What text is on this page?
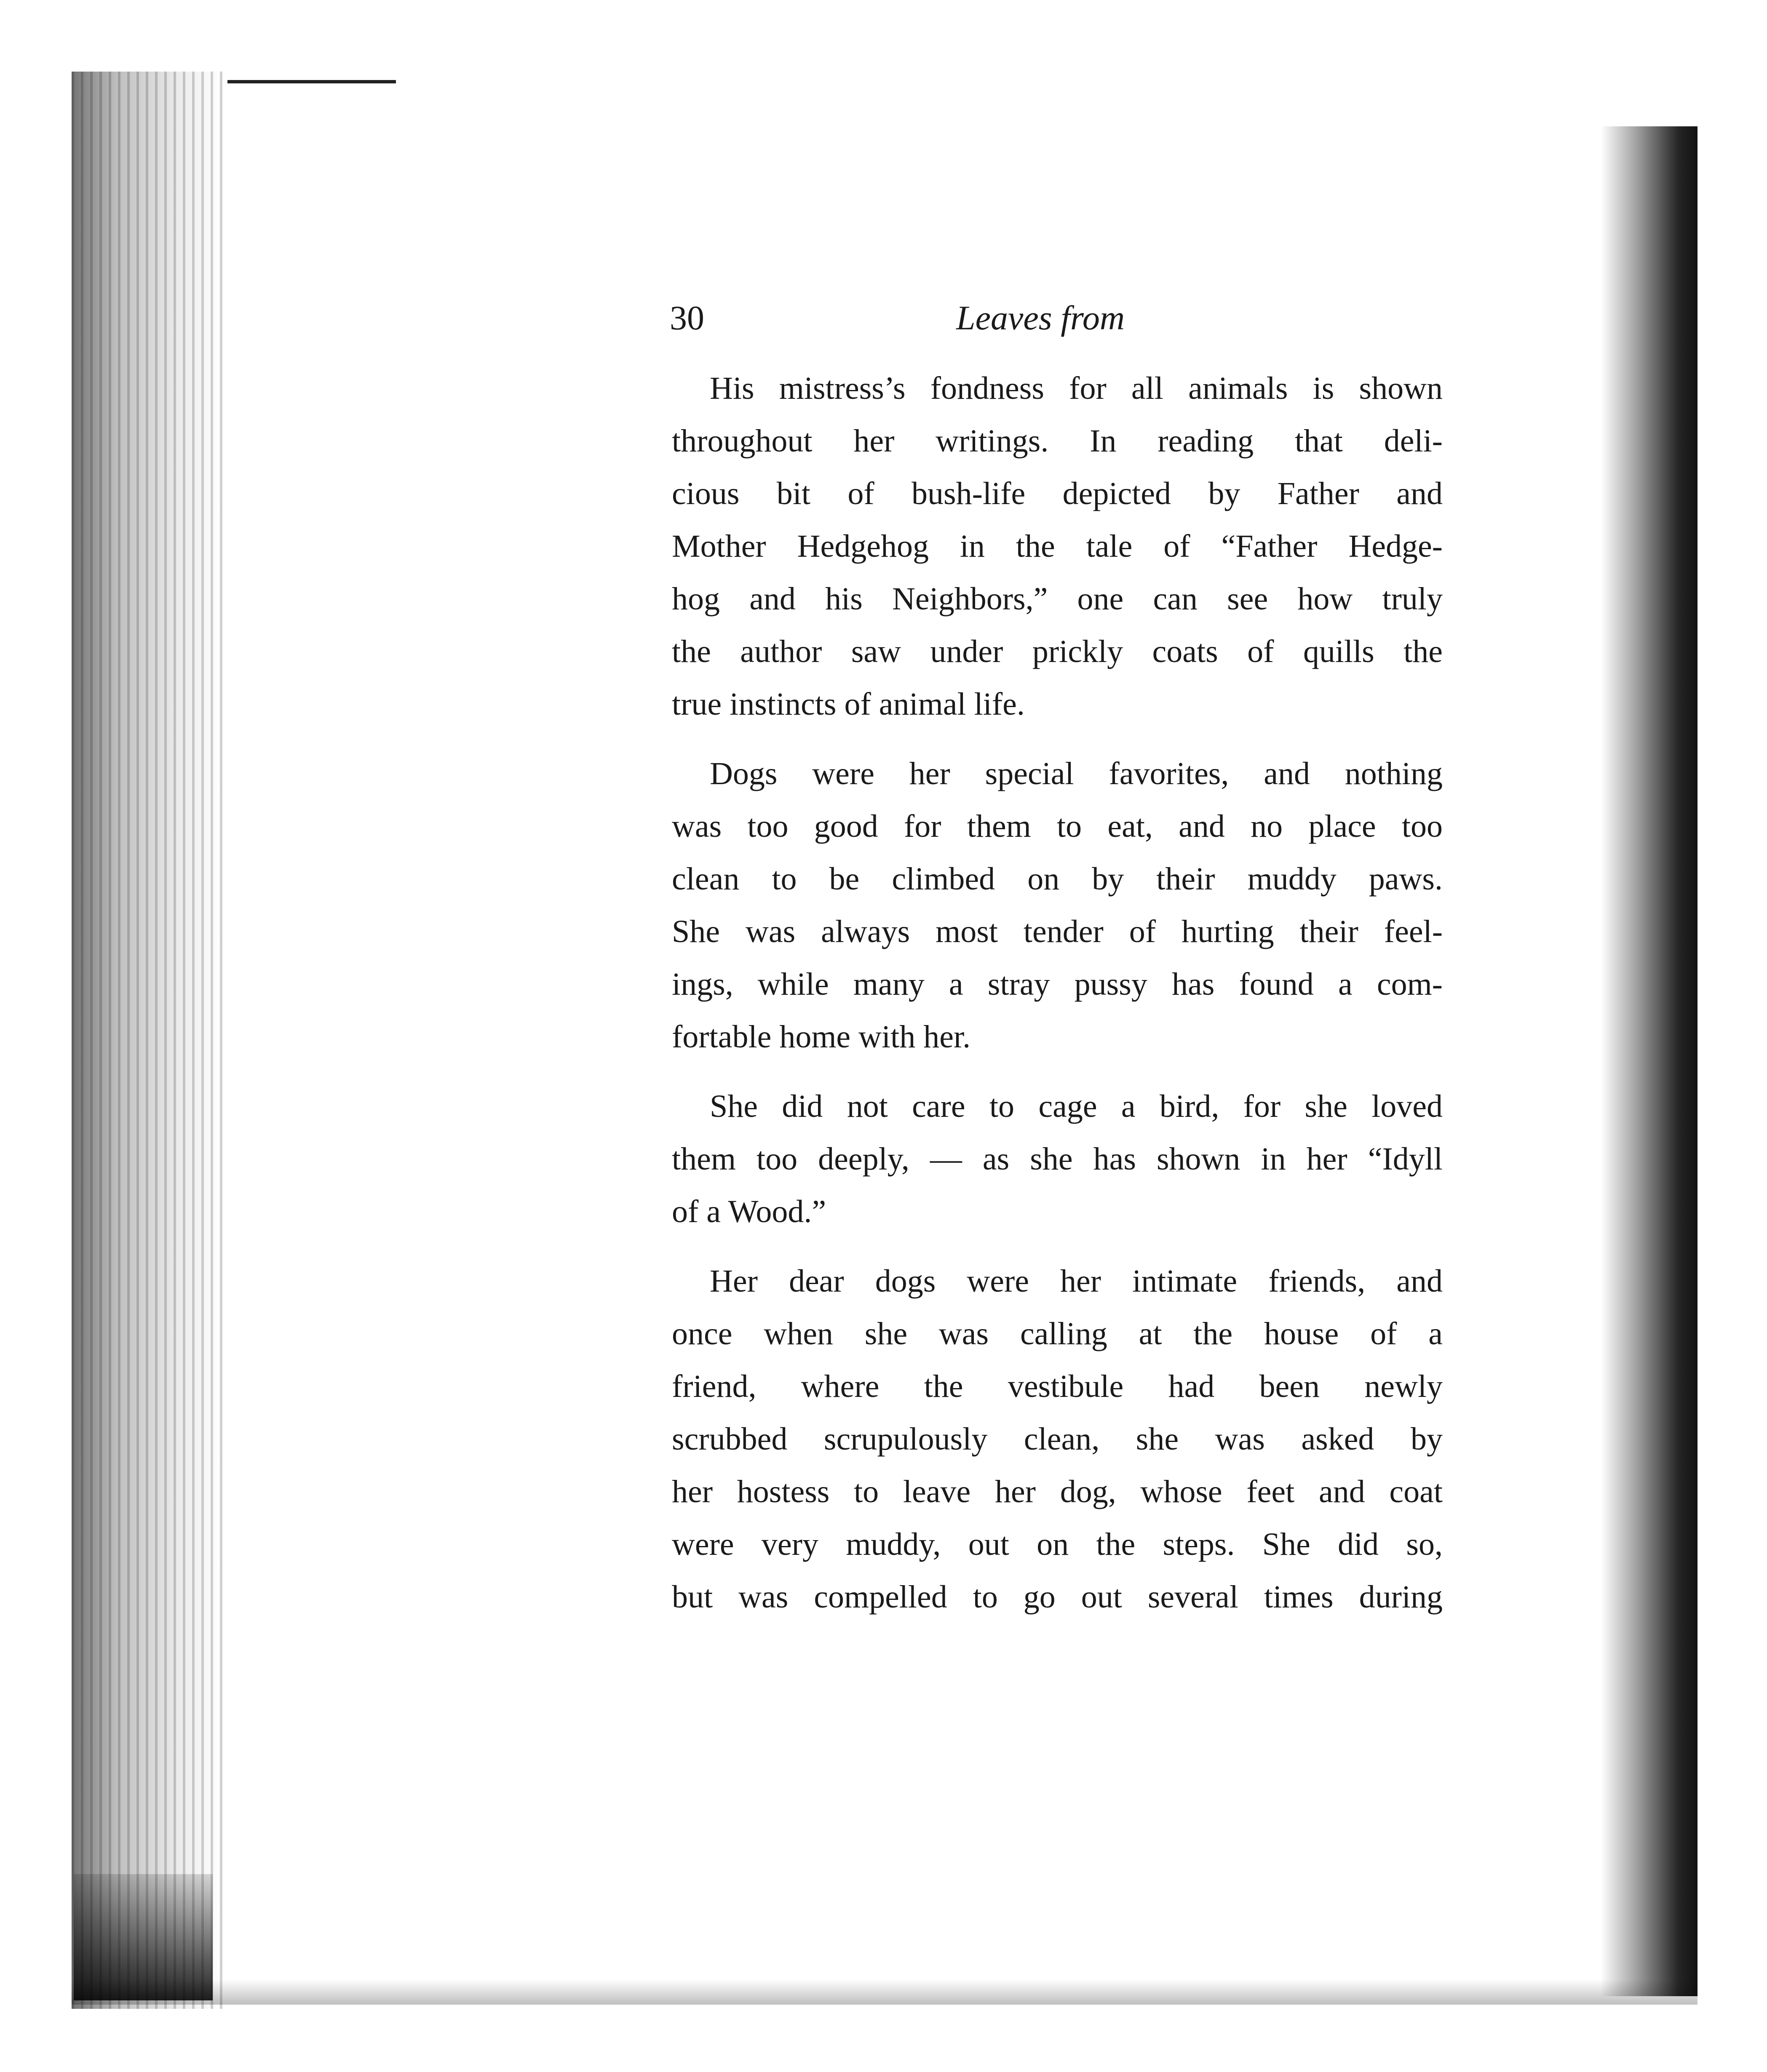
30	Leaves from
His mistress’s fondness for all animals is shown
throughout her writings. In reading that deli-
cious bit of bush-life depicted by Father and
Mother Hedgehog in the tale of “Father Hedge-
hog and his Neighbors,” one can see how truly
the author saw under prickly coats of quills the
true instincts of animal life.
Dogs were her special favorites, and nothing
was too good for them to eat, and no place too
clean to be climbed on by their muddy paws.
She was always most tender of hurting their feel-
ings, while many a stray pussy has found a com-
fortable home with her.
She did not care to cage a bird, for she loved
them too deeply, — as she has shown in her “Idyll
of a Wood.”
Her dear dogs were her intimate friends, and
once when she was calling at the house of a
friend, where the vestibule had been newly
scrubbed scrupulously clean, she was asked by
her hostess to leave her dog, whose feet and coat
were very muddy, out on the steps. She did so,
but was compelled to go out several times during
